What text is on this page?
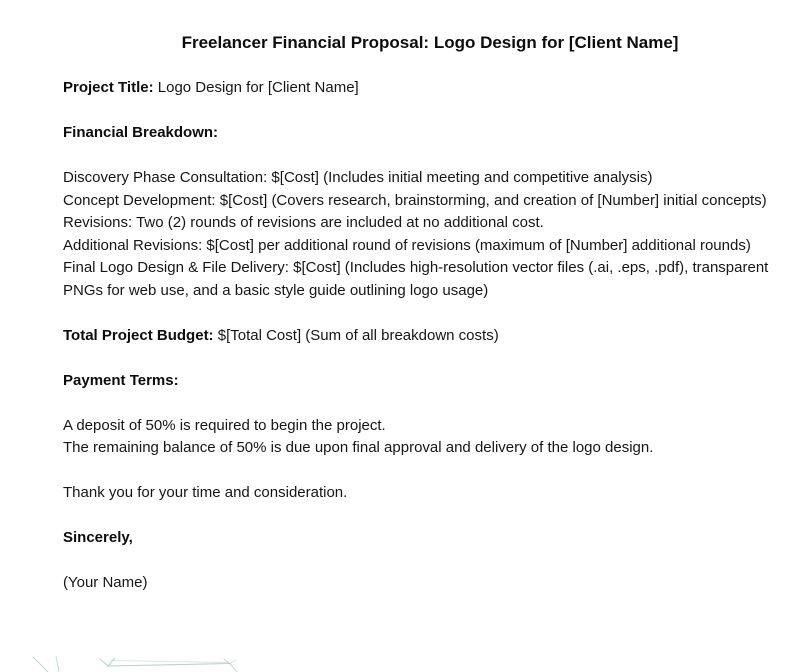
Freelancer Financial Proposal: Logo Design for [Client Name]

Project Title: Logo Design for [Client Name]

Financial Breakdown:

Discovery Phase Consultation: $[Cost] (Includes initial meeting and competitive analysis)
Concept Development: $[Cost] (Covers research, brainstorming, and creation of [Number] initial concepts)
Revisions: Two (2) rounds of revisions are included at no additional cost.
Additional Revisions: $[Cost] per additional round of revisions (maximum of [Number] additional rounds)
Final Logo Design & File Delivery: $[Cost] (Includes high-resolution vector files (.ai, .eps, .pdf), transparent PNGs for web use, and a basic style guide outlining logo usage)

Total Project Budget: $[Total Cost] (Sum of all breakdown costs)

Payment Terms:

A deposit of 50% is required to begin the project.
The remaining balance of 50% is due upon final approval and delivery of the logo design.

Thank you for your time and consideration.

Sincerely,

(Your Name)
